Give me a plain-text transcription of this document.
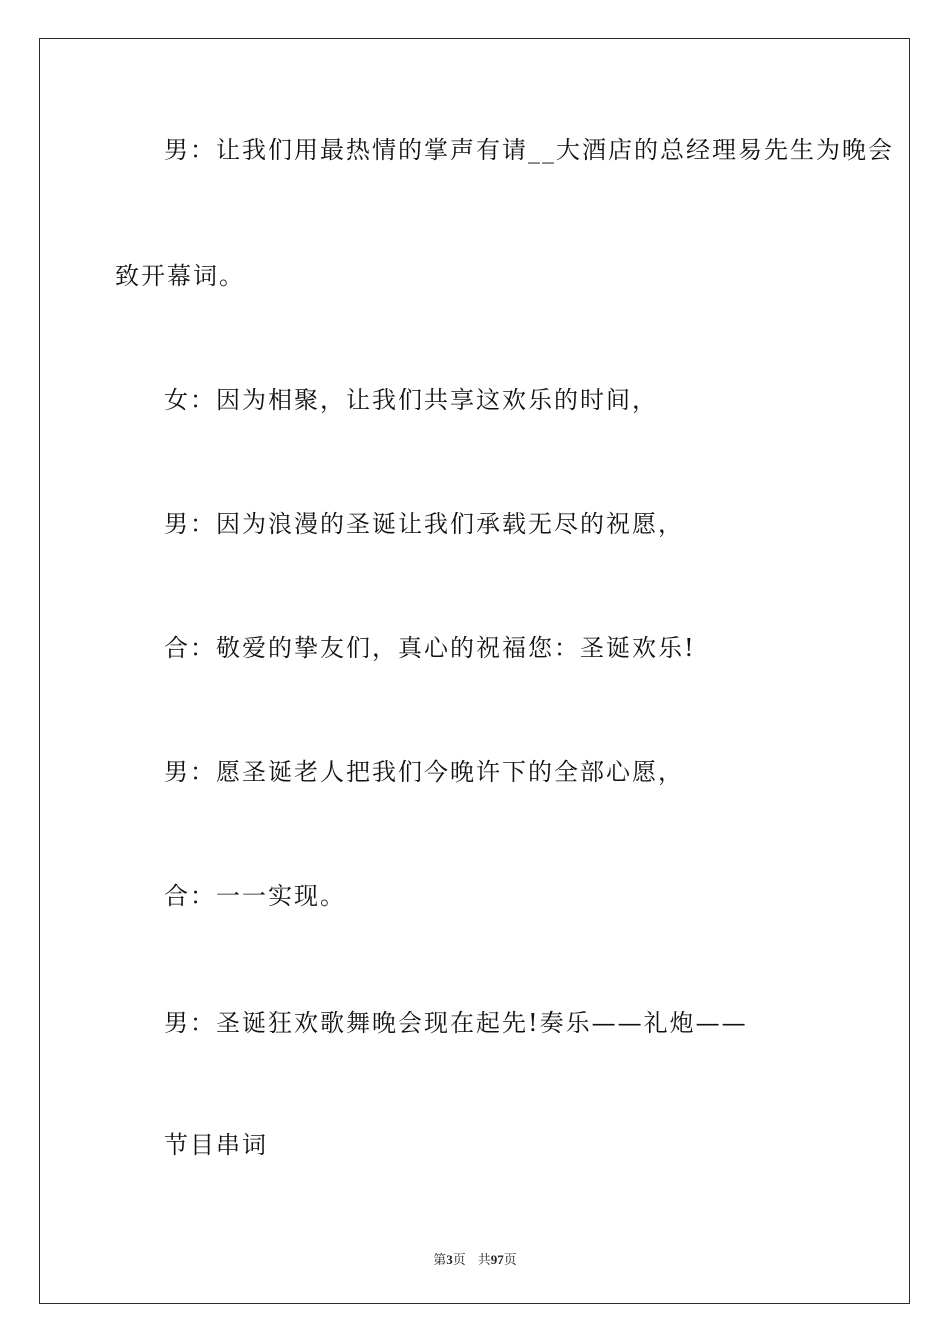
男：让我们用最热情的掌声有请__大酒店的总经理易先生为晚会
致开幕词。
女：因为相聚，让我们共享这欢乐的时间，
男：因为浪漫的圣诞让我们承载无尽的祝愿，
合：敬爱的挚友们，真心的祝福您：圣诞欢乐!
男：愿圣诞老人把我们今晚许下的全部心愿，
合：一一实现。
男：圣诞狂欢歌舞晚会现在起先!奏乐——礼炮——
节目串词
第3页 共97页
